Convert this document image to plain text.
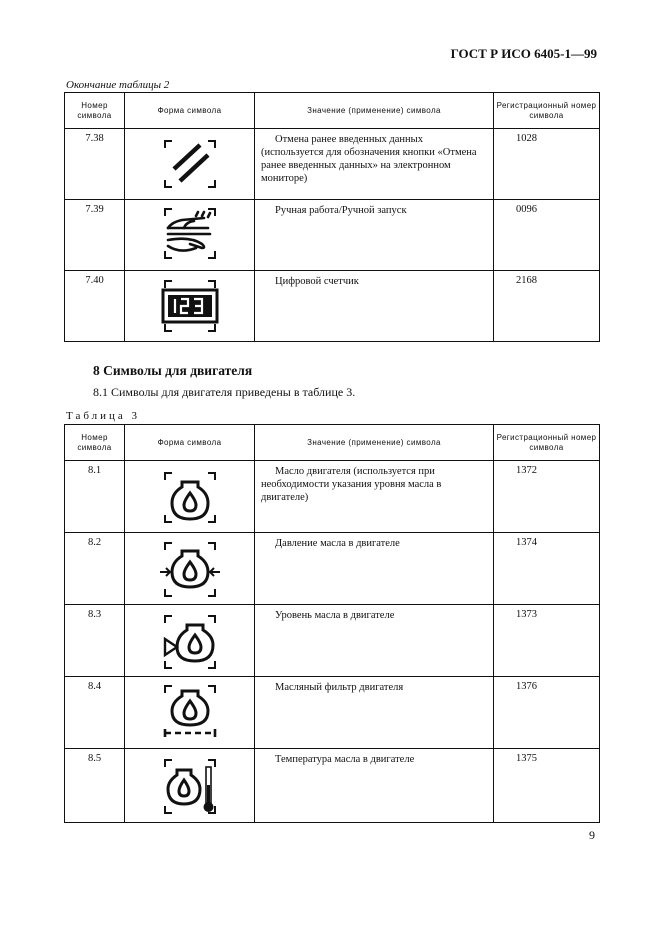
ГОСТ Р ИСО 6405-1—99
Окончание таблицы 2
Номер символа	Форма символа	Значение (применение) символа	Регистрационный номер символа
7.38		Отмена ранее введенных данных (используется для обозначения кнопки «Отмена ранее введенных данных» на электронном мониторе)	1028
7.39		Ручная работа/Ручной запуск	0096
7.40		Цифровой счетчик	2168
8 Символы для двигателя
8.1 Символы для двигателя приведены в таблице 3.
Таблица 3
Номер символа	Форма символа	Значение (применение) символа	Регистрационный номер символа
8.1		Масло двигателя (используется при необходимости указания уровня масла в двигателе)	1372
8.2		Давление масла в двигателе	1374
8.3		Уровень масла в двигателе	1373
8.4		Масляный фильтр двигателя	1376
8.5		Температура масла в двигателе	1375
9
